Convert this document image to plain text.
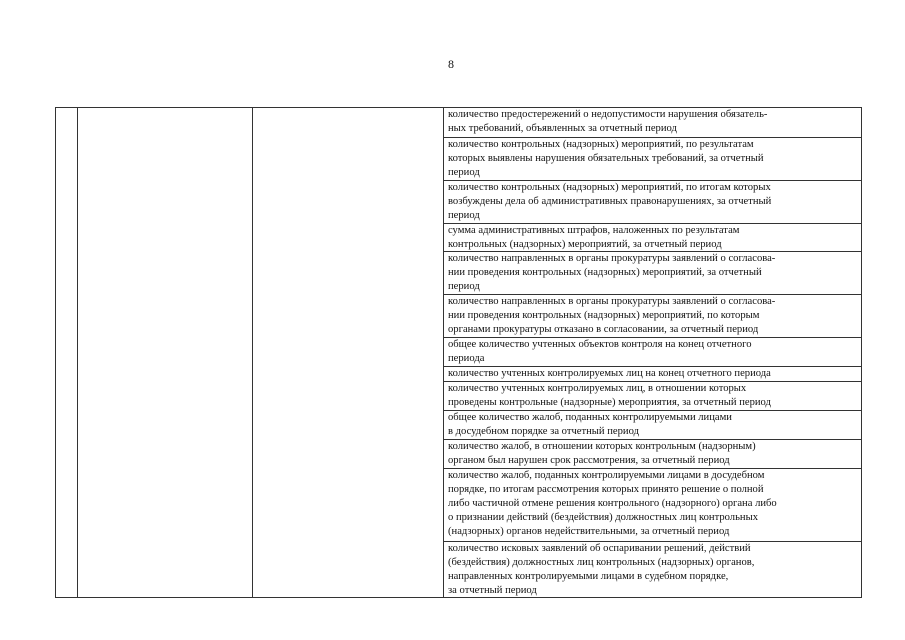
8
количество предостережений о недопустимости нарушения обязатель-
ных требований, объявленных за отчетный период
количество контрольных (надзорных) мероприятий, по результатам
которых выявлены нарушения обязательных требований, за отчетный
период
количество контрольных (надзорных) мероприятий, по итогам которых
возбуждены дела об административных правонарушениях, за отчетный
период
сумма административных штрафов, наложенных по результатам
контрольных (надзорных) мероприятий, за отчетный период
количество направленных в органы прокуратуры заявлений о согласова-
нии проведения контрольных (надзорных) мероприятий, за отчетный
период
количество направленных в органы прокуратуры заявлений о согласова-
нии проведения контрольных (надзорных) мероприятий, по которым
органами прокуратуры отказано в согласовании, за отчетный период
общее количество учтенных объектов контроля на конец отчетного
периода
количество учтенных контролируемых лиц на конец отчетного периода
количество учтенных контролируемых лиц, в отношении которых
проведены контрольные (надзорные) мероприятия, за отчетный период
общее количество жалоб, поданных контролируемыми лицами
в досудебном порядке за отчетный период
количество жалоб, в отношении которых контрольным (надзорным)
органом был нарушен срок рассмотрения, за отчетный период
количество жалоб, поданных контролируемыми лицами в досудебном
порядке, по итогам рассмотрения которых принято решение о полной
либо частичной отмене решения контрольного (надзорного) органа либо
о признании действий (бездействия) должностных лиц контрольных
(надзорных) органов недействительными, за отчетный период
количество исковых заявлений об оспаривании решений, действий
(бездействия) должностных лиц контрольных (надзорных) органов,
направленных контролируемыми лицами в судебном порядке,
за отчетный период
